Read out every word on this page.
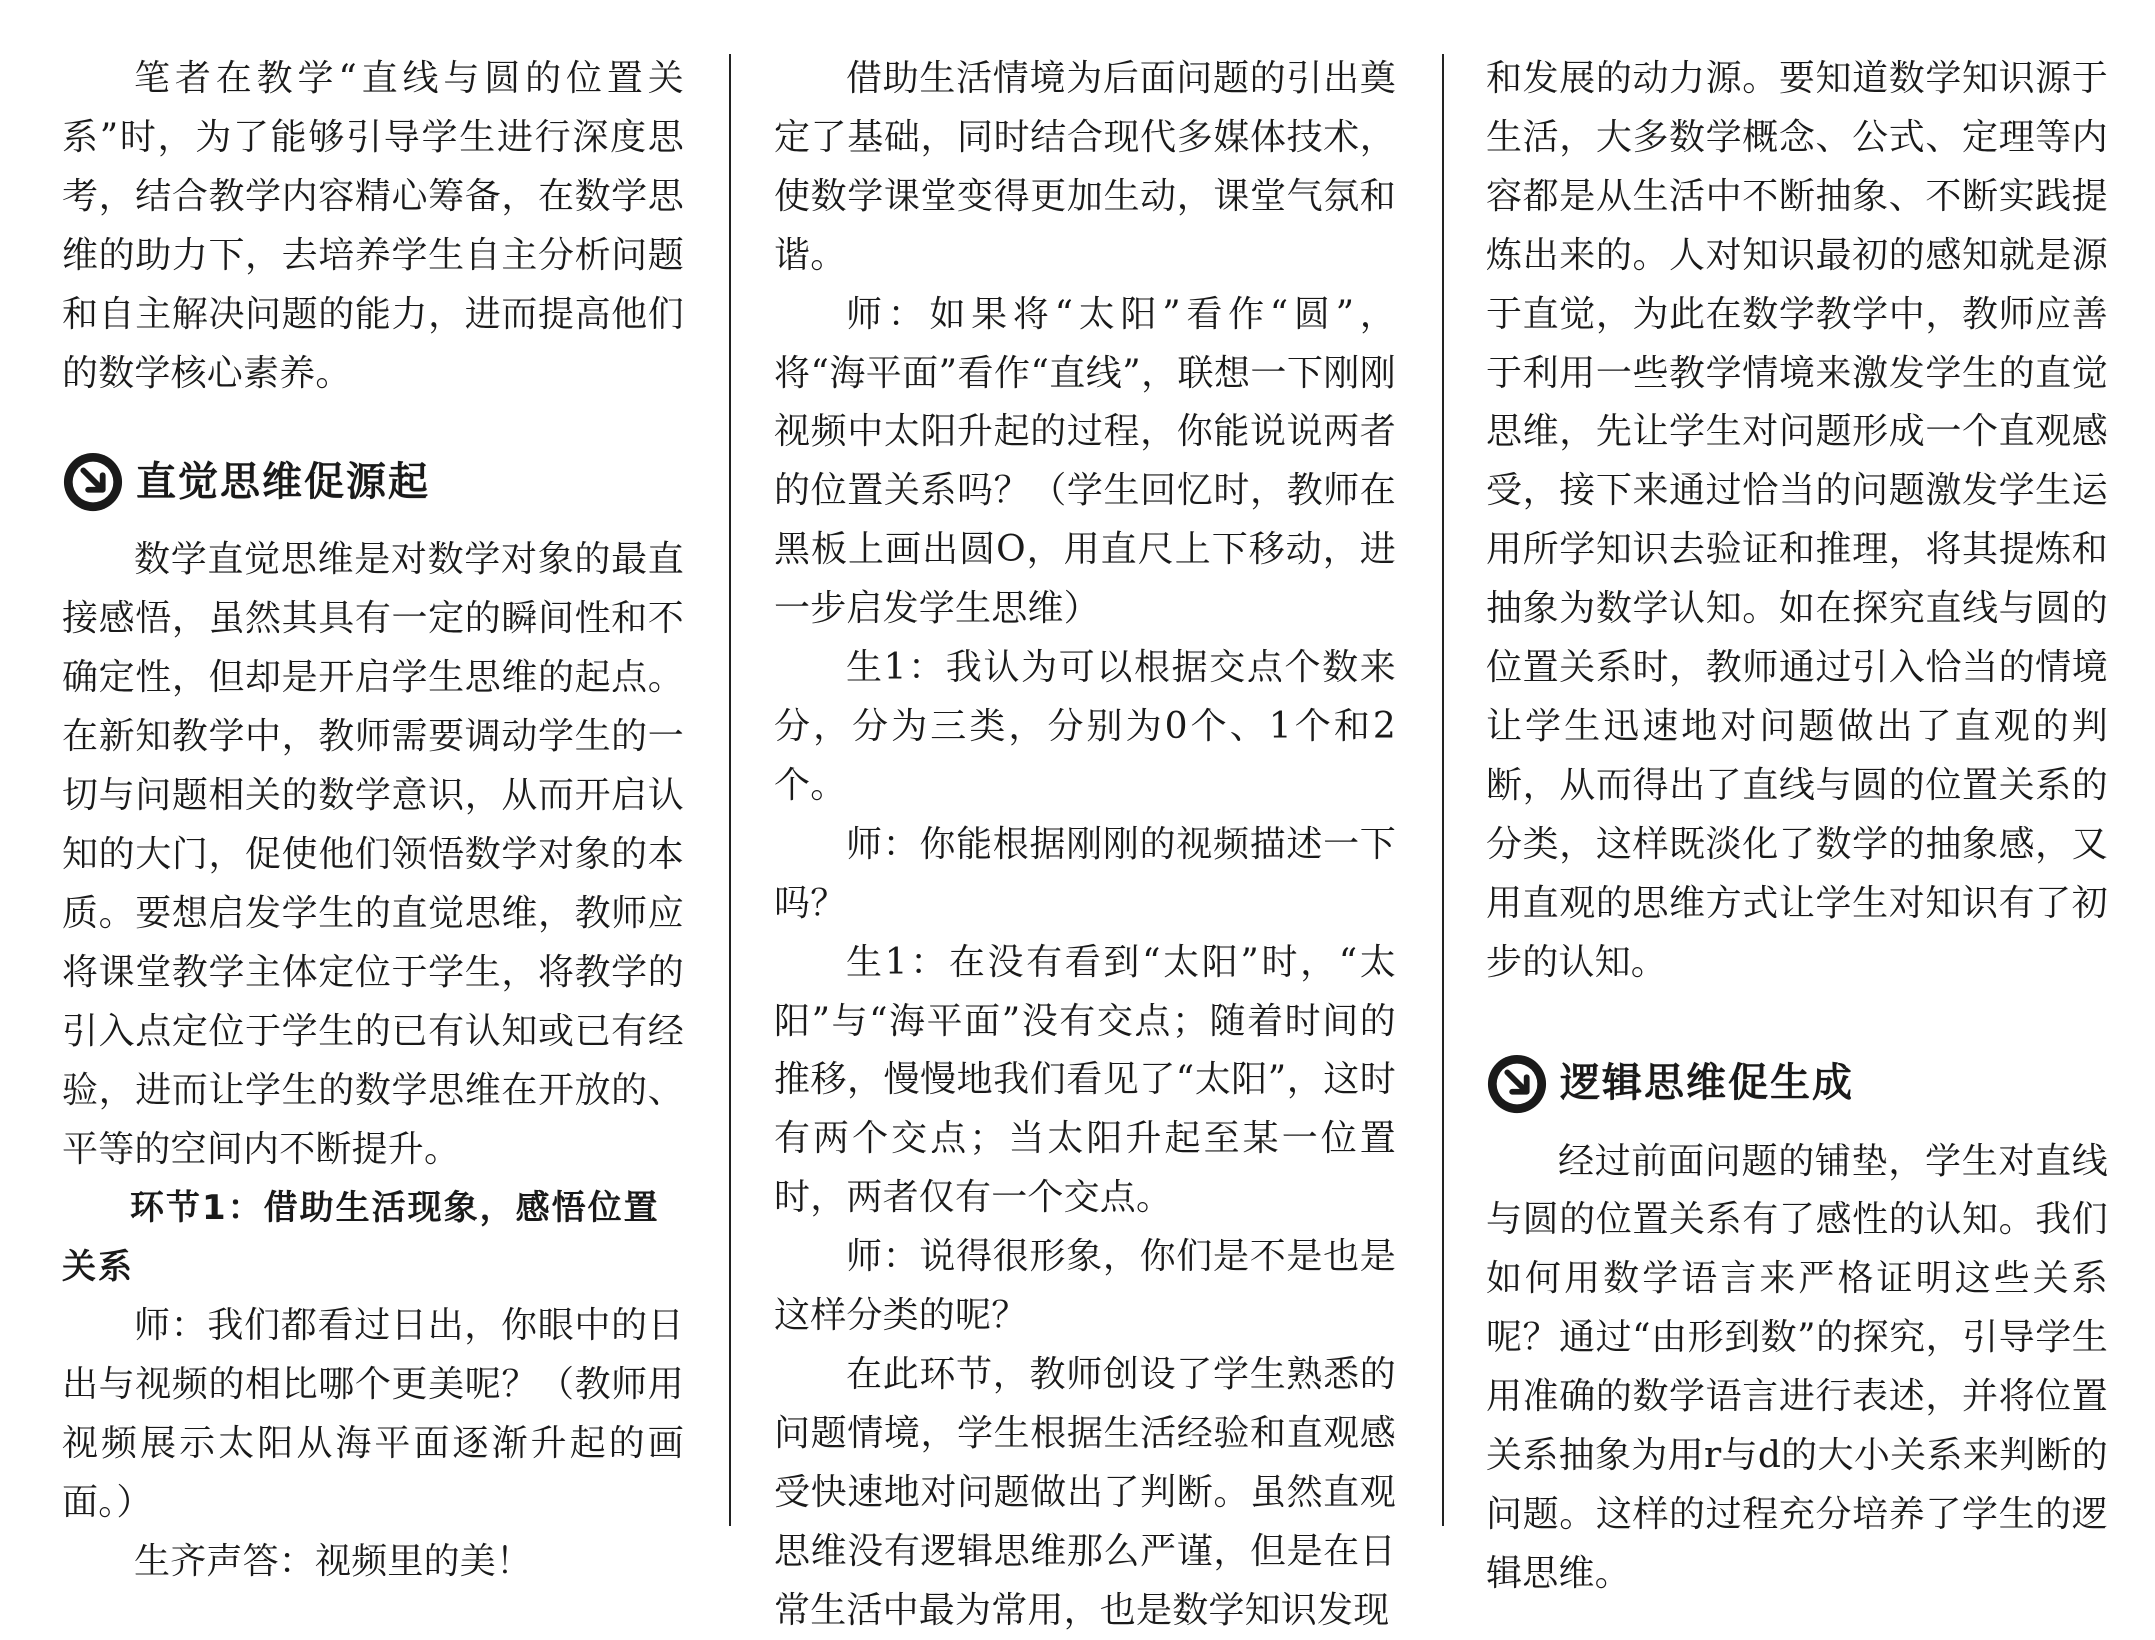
笔者在教学“直线与圆的位置关系”时，为了能够引导学生进行深度思考，结合教学内容精心筹备，在数学思维的助力下，去培养学生自主分析问题和自主解决问题的能力，进而提高他们的数学核心素养。

直觉思维促源起

数学直觉思维是对数学对象的最直接感悟，虽然其具有一定的瞬间性和不确定性，但却是开启学生思维的起点。在新知教学中，教师需要调动学生的一切与问题相关的数学意识，从而开启认知的大门，促使他们领悟数学对象的本质。要想启发学生的直觉思维，教师应将课堂教学主体定位于学生，将教学的引入点定位于学生的已有认知或已有经验，进而让学生的数学思维在开放的、平等的空间内不断提升。

环节1：借助生活现象，感悟位置

关系

师：我们都看过日出，你眼中的日出与视频的相比哪个更美呢？（教师用视频展示太阳从海平面逐渐升起的画面。）

生齐声答：视频里的美！

借助生活情境为后面问题的引出奠定了基础，同时结合现代多媒体技术，使数学课堂变得更加生动，课堂气氛和谐。

师：如果将“太阳”看作“圆”，将“海平面”看作“直线”，联想一下刚刚视频中太阳升起的过程，你能说说两者的位置关系吗？（学生回忆时，教师在黑板上画出圆O，用直尺上下移动，进一步启发学生思维）

生1：我认为可以根据交点个数来分，分为三类，分别为0个、1个和2个。

师：你能根据刚刚的视频描述一下吗？

生1：在没有看到“太阳”时，“太阳”与“海平面”没有交点；随着时间的推移，慢慢地我们看见了“太阳”，这时有两个交点；当太阳升起至某一位置时，两者仅有一个交点。

师：说得很形象，你们是不是也是这样分类的呢？

在此环节，教师创设了学生熟悉的问题情境，学生根据生活经验和直观感受快速地对问题做出了判断。虽然直观思维没有逻辑思维那么严谨，但是在日常生活中最为常用，也是数学知识发现

和发展的动力源。要知道数学知识源于生活，大多数学概念、公式、定理等内容都是从生活中不断抽象、不断实践提炼出来的。人对知识最初的感知就是源于直觉，为此在数学教学中，教师应善于利用一些教学情境来激发学生的直觉思维，先让学生对问题形成一个直观感受，接下来通过恰当的问题激发学生运用所学知识去验证和推理，将其提炼和抽象为数学认知。如在探究直线与圆的位置关系时，教师通过引入恰当的情境让学生迅速地对问题做出了直观的判断，从而得出了直线与圆的位置关系的分类，这样既淡化了数学的抽象感，又用直观的思维方式让学生对知识有了初步的认知。

逻辑思维促生成

经过前面问题的铺垫，学生对直线与圆的位置关系有了感性的认知。我们如何用数学语言来严格证明这些关系呢？通过“由形到数”的探究，引导学生用准确的数学语言进行表述，并将位置关系抽象为用r与d的大小关系来判断的问题。这样的过程充分培养了学生的逻辑思维。
